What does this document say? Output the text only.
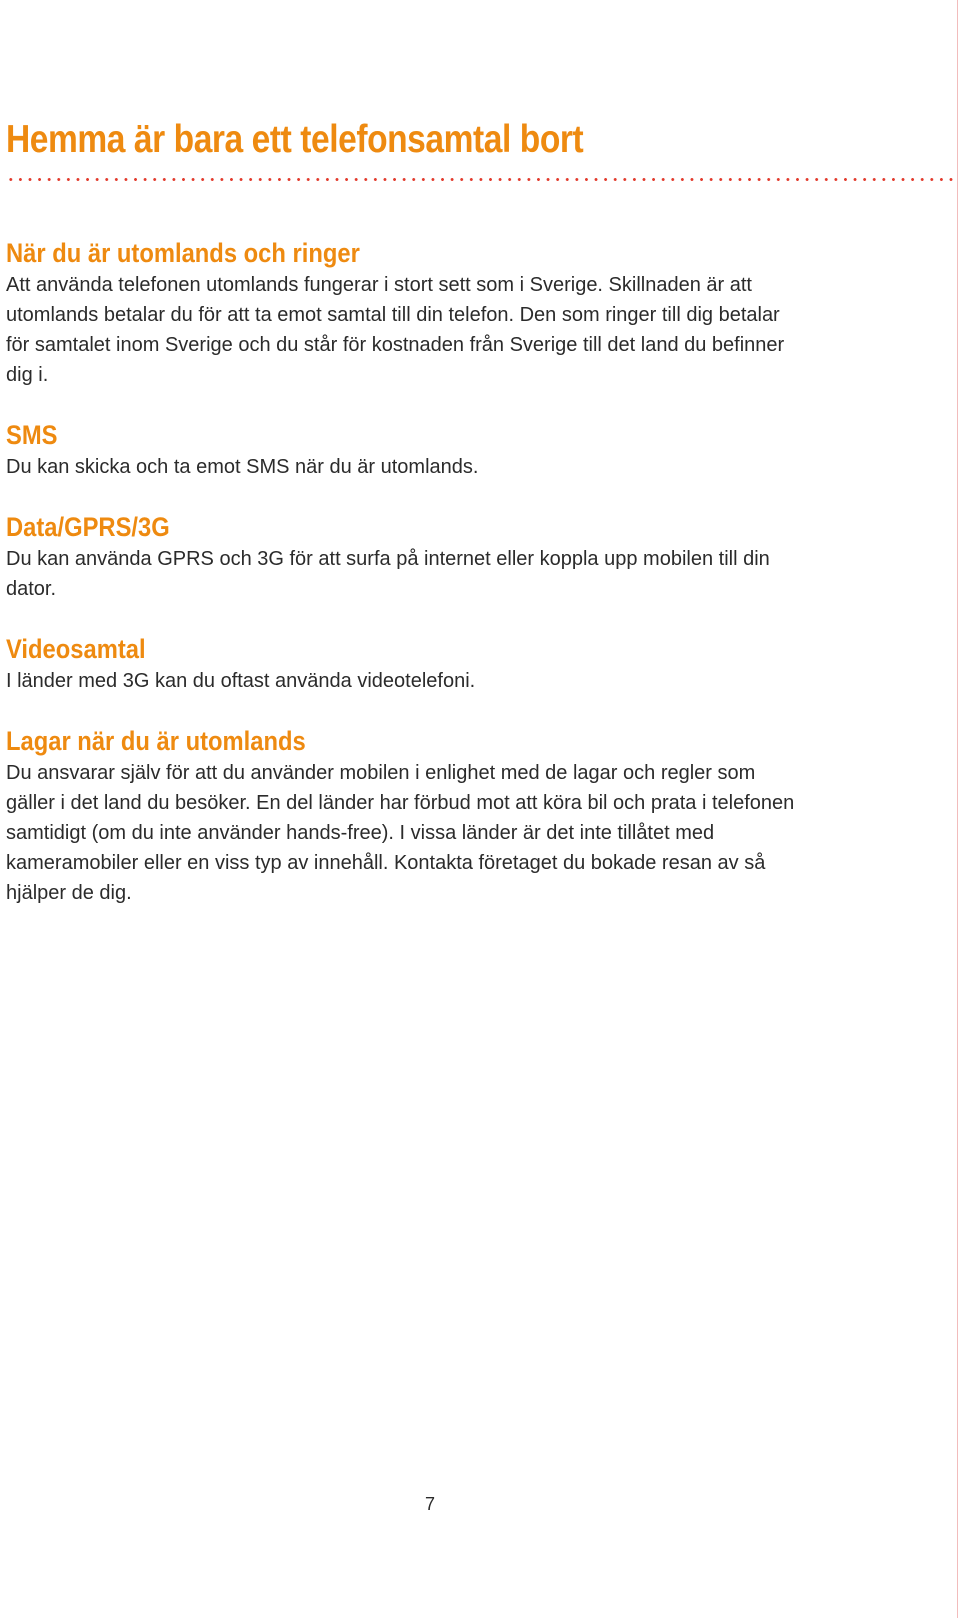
Hemma är bara ett telefonsamtal bort
När du är utomlands och ringer

Att använda telefonen utomlands fungerar i stort sett som i Sverige. Skillnaden är att utomlands betalar du för att ta emot samtal till din telefon. Den som ringer till dig betalar för samtalet inom Sverige och du står för kostnaden från Sverige till det land du befinner dig i.

SMS

Du kan skicka och ta emot SMS när du är utomlands.

Data/GPRS/3G

Du kan använda GPRS och 3G för att surfa på internet eller koppla upp mobilen till din dator.

Videosamtal

I länder med 3G kan du oftast använda videotelefoni.

Lagar när du är utomlands

Du ansvarar själv för att du använder mobilen i enlighet med de lagar och regler som gäller i det land du besöker. En del länder har förbud mot att köra bil och prata i telefonen samtidigt (om du inte använder hands-free). I vissa länder är det inte tillåtet med kameramobiler eller en viss typ av innehåll. Kontakta företaget du bokade resan av så hjälper de dig.

7
